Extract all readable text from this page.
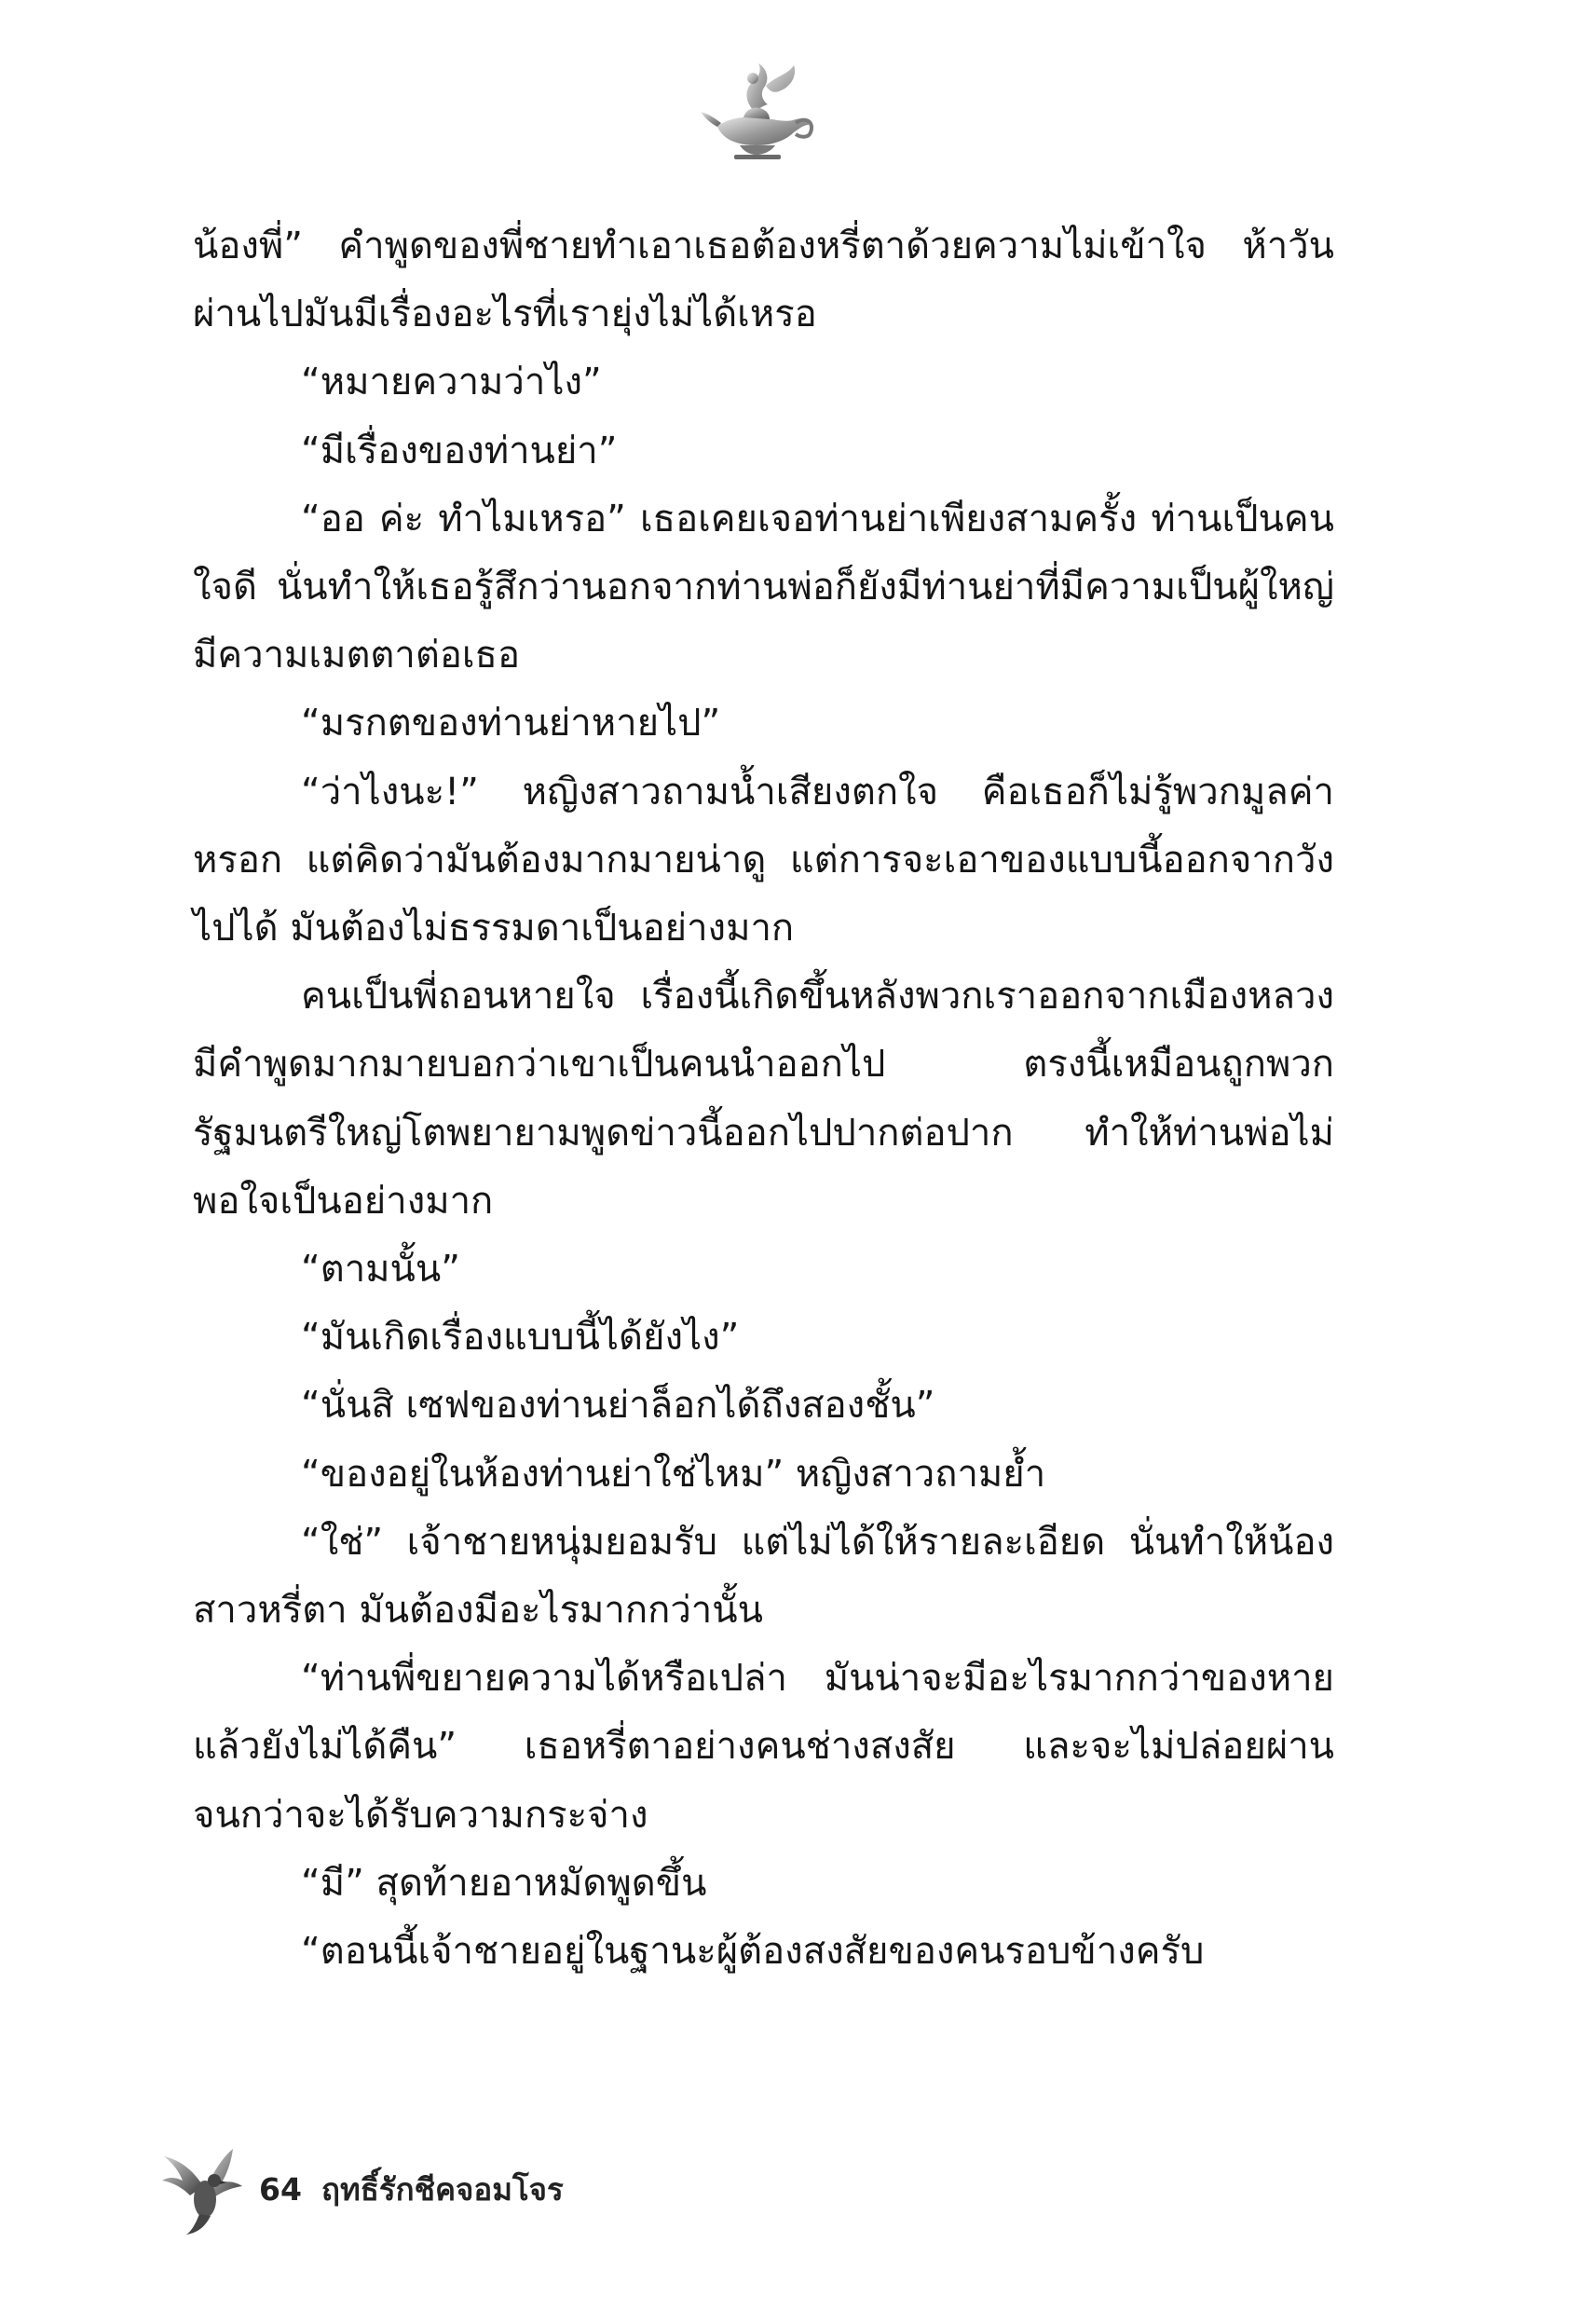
น้องพี่” คำพูดของพี่ชายทำเอาเธอต้องหรี่ตาด้วยความไม่เข้าใจ ห้าวันผ่านไปมันมีเรื่องอะไรที่เรายุ่งไม่ได้เหรอ

“หมายความว่าไง”

“มีเรื่องของท่านย่า”

“ออ ค่ะ ทำไมเหรอ” เธอเคยเจอท่านย่าเพียงสามครั้ง ท่านเป็นคนใจดี นั่นทำให้เธอรู้สึกว่านอกจากท่านพ่อก็ยังมีท่านย่าที่มีความเป็นผู้ใหญ่ มีความเมตตาต่อเธอ

“มรกตของท่านย่าหายไป”

“ว่าไงนะ!” หญิงสาวถามน้ำเสียงตกใจ คือเธอก็ไม่รู้พวกมูลค่าหรอก แต่คิดว่ามันต้องมากมายน่าดู แต่การจะเอาของแบบนี้ออกจากวังไปได้ มันต้องไม่ธรรมดาเป็นอย่างมาก

คนเป็นพี่ถอนหายใจ เรื่องนี้เกิดขึ้นหลังพวกเราออกจากเมืองหลวง มีคำพูดมากมายบอกว่าเขาเป็นคนนำออกไป ตรงนี้เหมือนถูกพวกรัฐมนตรีใหญ่โตพยายามพูดข่าวนี้ออกไปปากต่อปาก ทำให้ท่านพ่อไม่พอใจเป็นอย่างมาก

“ตามนั้น”

“มันเกิดเรื่องแบบนี้ได้ยังไง”

“นั่นสิ เซฟของท่านย่าล็อกได้ถึงสองชั้น”

“ของอยู่ในห้องท่านย่าใช่ไหม” หญิงสาวถามย้ำ

“ใช่” เจ้าชายหนุ่มยอมรับ แต่ไม่ได้ให้รายละเอียด นั่นทำให้น้องสาวหรี่ตา มันต้องมีอะไรมากกว่านั้น

“ท่านพี่ขยายความได้หรือเปล่า มันน่าจะมีอะไรมากกว่าของหายแล้วยังไม่ได้คืน” เธอหรี่ตาอย่างคนช่างสงสัย และจะไม่ปล่อยผ่านจนกว่าจะได้รับความกระจ่าง

“มี” สุดท้ายอาหมัดพูดขึ้น

“ตอนนี้เจ้าชายอยู่ในฐานะผู้ต้องสงสัยของคนรอบข้างครับ

64 ฤทธิ์รักชีคจอมโจร
